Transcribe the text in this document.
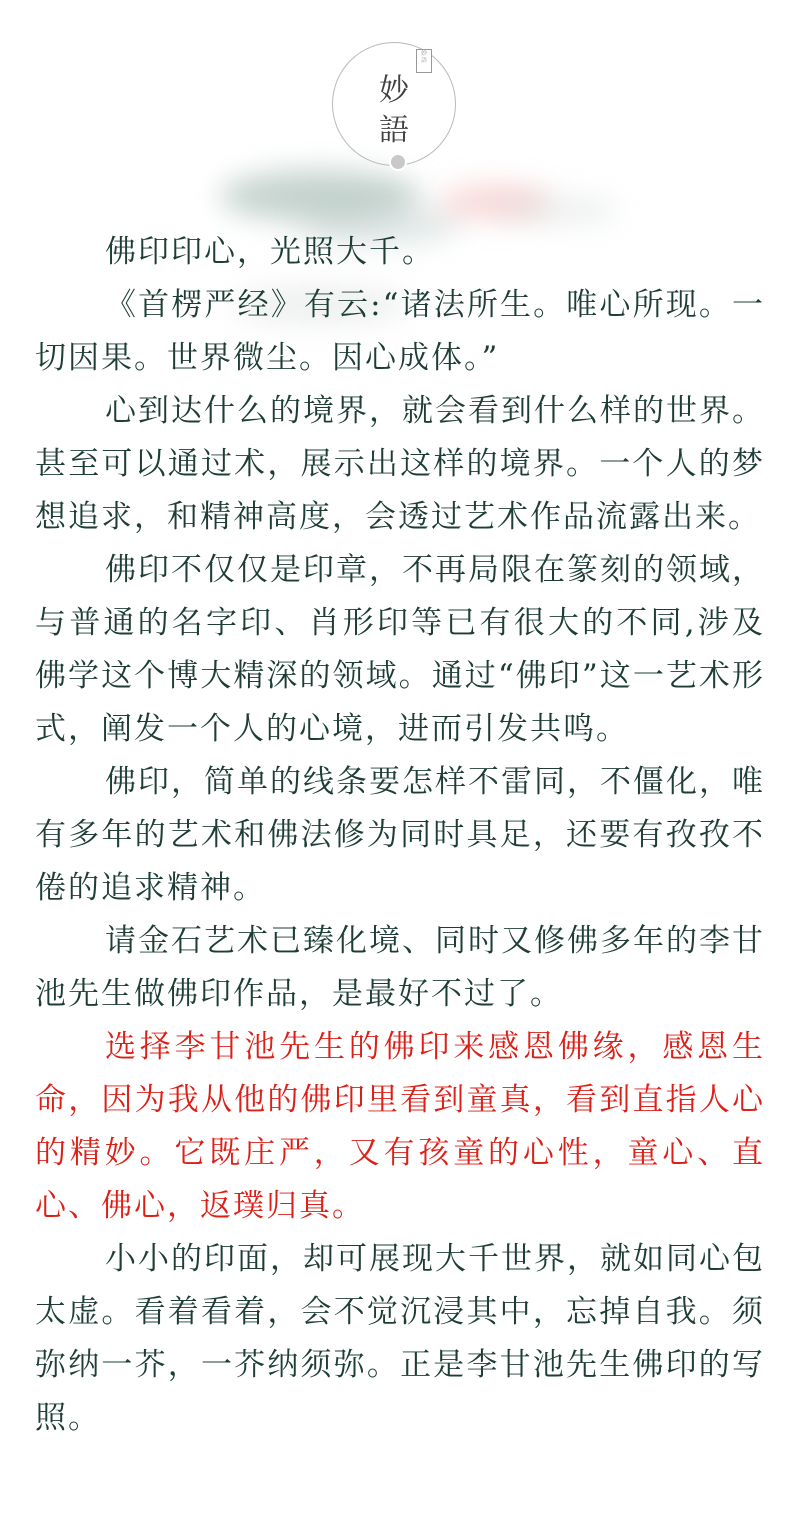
妙
語
妙
語

佛印印心，光照大千。

《首楞严经》有云:“诸法所生。唯心所现。一切因果。世界微尘。因心成体。”

心到达什么的境界，就会看到什么样的世界。甚至可以通过术，展示出这样的境界。一个人的梦想追求，和精神高度，会透过艺术作品流露出来。

佛印不仅仅是印章，不再局限在篆刻的领域，与普通的名字印、肖形印等已有很大的不同,涉及佛学这个博大精深的领域。通过“佛印”这一艺术形式，阐发一个人的心境，进而引发共鸣。

佛印，简单的线条要怎样不雷同，不僵化，唯有多年的艺术和佛法修为同时具足，还要有孜孜不倦的追求精神。

请金石艺术已臻化境、同时又修佛多年的李甘池先生做佛印作品，是最好不过了。

选择李甘池先生的佛印来感恩佛缘，感恩生命，因为我从他的佛印里看到童真，看到直指人心的精妙。它既庄严，又有孩童的心性，童心、直心、佛心，返璞归真。

小小的印面，却可展现大千世界，就如同心包太虚。看着看着，会不觉沉浸其中，忘掉自我。须弥纳一芥，一芥纳须弥。正是李甘池先生佛印的写照。
